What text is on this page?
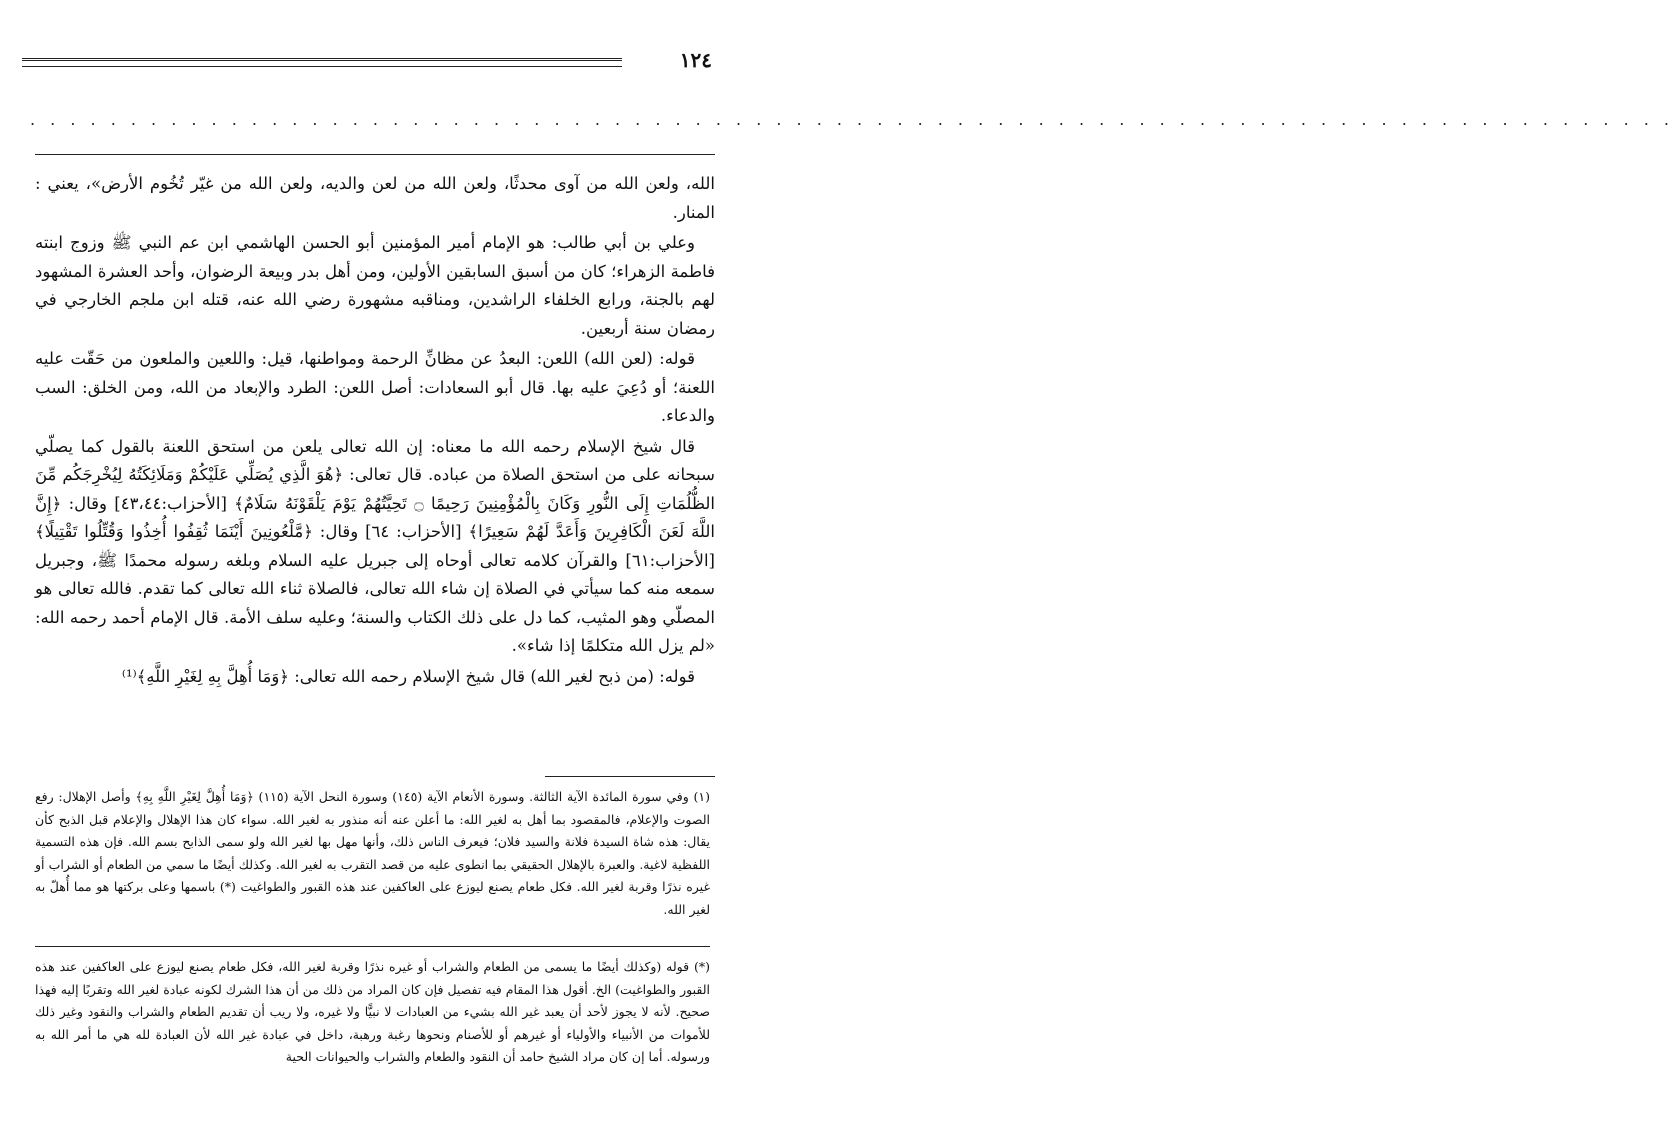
١٢٤
. . . . . . . . . . . . . . . . . . . . . . . . . . . . . . . . . . . . . . . . . . . . . . . . . . . . . . . . . . . . . . . . . . . . . . . . . . . . . . . . . .

الله، ولعن الله من آوى محدثًا، ولعن الله من لعن والديه، ولعن الله من غيّر تُخُوم الأرض»، يعني : المنار.

وعلي بن أبي طالب: هو الإمام أمير المؤمنين أبو الحسن الهاشمي ابن عم النبي ﷺ وزوج ابنته فاطمة الزهراء؛ كان من أسبق السابقين الأولين، ومن أهل بدر وبيعة الرضوان، وأحد العشرة المشهود لهم بالجنة، ورابع الخلفاء الراشدين، ومناقبه مشهورة رضي الله عنه، قتله ابن ملجم الخارجي في رمضان سنة أربعين.

قوله: (لعن الله) اللعن: البعدُ عن مظانِّ الرحمة ومواطنها، قيل: واللعين والملعون من حَقّت عليه اللعنة؛ أو دُعِيَ عليه بها. قال أبو السعادات: أصل اللعن: الطرد والإبعاد من الله، ومن الخلق: السب والدعاء.

قال شيخ الإسلام رحمه الله ما معناه: إن الله تعالى يلعن من استحق اللعنة بالقول كما يصلّي سبحانه على من استحق الصلاة من عباده. قال تعالى: ﴿هُوَ الَّذِي يُصَلِّي عَلَيْكُمْ وَمَلَائِكَتُهُ لِيُخْرِجَكُم مِّنَ الظُّلُمَاتِ إِلَى النُّورِ وَكَانَ بِالْمُؤْمِنِينَ رَحِيمًا ۝ تَحِيَّتُهُمْ يَوْمَ يَلْقَوْنَهُ سَلَامٌ﴾ [الأحزاب:٤٣،٤٤] وقال: ﴿إِنَّ اللَّهَ لَعَنَ الْكَافِرِينَ وَأَعَدَّ لَهُمْ سَعِيرًا﴾ [الأحزاب: ٦٤] وقال: ﴿مَّلْعُونِينَ أَيْنَمَا ثُقِفُوا أُخِذُوا وَقُتِّلُوا تَقْتِيلًا﴾ [الأحزاب:٦١] والقرآن كلامه تعالى أوحاه إلى جبريل عليه السلام وبلغه رسوله محمدًا ﷺ، وجبريل سمعه منه كما سيأتي في الصلاة إن شاء الله تعالى، فالصلاة ثناء الله تعالى كما تقدم. فالله تعالى هو المصلّي وهو المثيب، كما دل على ذلك الكتاب والسنة؛ وعليه سلف الأمة. قال الإمام أحمد رحمه الله: «لم يزل الله متكلمًا إذا شاء».

قوله: (من ذبح لغير الله) قال شيخ الإسلام رحمه الله تعالى: ﴿وَمَا أُهِلَّ بِهِ لِغَيْرِ اللَّهِ﴾⁽¹⁾

(١) وفي سورة المائدة الآية الثالثة. وسورة الأنعام الآية (١٤٥) وسورة النحل الآية (١١٥) ﴿وَمَا أُهِلَّ لِغَيْرِ اللَّهِ بِهِ﴾ وأصل الإهلال: رفع الصوت والإعلام، فالمقصود بما أهل به لغير الله: ما أعلن عنه أنه منذور به لغير الله. سواء كان هذا الإهلال والإعلام قبل الذبح كأن يقال: هذه شاة السيدة فلانة والسيد فلان؛ فيعرف الناس ذلك، وأنها مهل بها لغير الله ولو سمى الذابح بسم الله. فإن هذه التسمية اللفظية لاغية. والعبرة بالإهلال الحقيقي بما انطوى عليه من قصد التقرب به لغير الله. وكذلك أيضًا ما سمي من الطعام أو الشراب أو غيره نذرًا وقربة لغير الله. فكل طعام يصنع ليوزع على العاكفين عند هذه القبور والطواغيت (*) باسمها وعلى بركتها هو مما أُهلّ به لغير الله.

(*) قوله (وكذلك أيضًا ما يسمى من الطعام والشراب أو غيره نذرًا وقربة لغير الله، فكل طعام يصنع ليوزع على العاكفين عند هذه القبور والطواغيت) الخ. أقول هذا المقام فيه تفصيل فإن كان المراد من ذلك من أن هذا الشرك لكونه عبادة لغير الله وتقربًا إليه فهذا صحيح. لأنه لا يجوز لأحد أن يعبد غير الله بشيء من العبادات لا نبيًّا ولا غيره، ولا ريب أن تقديم الطعام والشراب والنقود وغير ذلك للأموات من الأنبياء والأولياء أو غيرهم أو للأصنام ونحوها رغبة ورهبة، داخل في عبادة غير الله لأن العبادة لله هي ما أمر الله به ورسوله. أما إن كان مراد الشيخ حامد أن النقود والطعام والشراب والحيوانات الحية
